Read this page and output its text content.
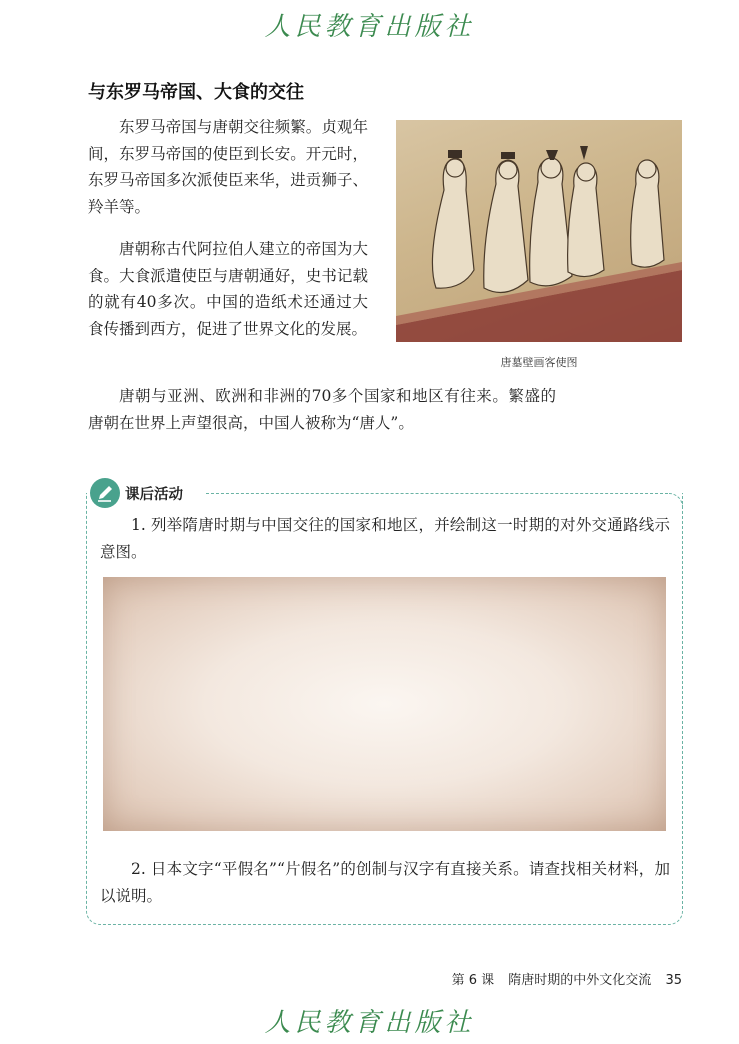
人民教育出版社
与东罗马帝国、大食的交往

东罗马帝国与唐朝交往频繁。贞观年间，东罗马帝国的使臣到长安。开元时，东罗马帝国多次派使臣来华，进贡狮子、羚羊等。

唐朝称古代阿拉伯人建立的帝国为大食。大食派遣使臣与唐朝通好，史书记载的就有40多次。中国的造纸术还通过大食传播到西方，促进了世界文化的发展。

唐朝与亚洲、欧洲和非洲的70多个国家和地区有往来。繁盛的唐朝在世界上声望很高，中国人被称为“唐人”。

唐墓壁画客使图
课后活动

1. 列举隋唐时期与中国交往的国家和地区，并绘制这一时期的对外交通路线示意图。

2. 日本文字“平假名”“片假名”的创制与汉字有直接关系。请查找相关材料，加以说明。

第 6 课 隋唐时期的中外文化交流 35
人民教育出版社
